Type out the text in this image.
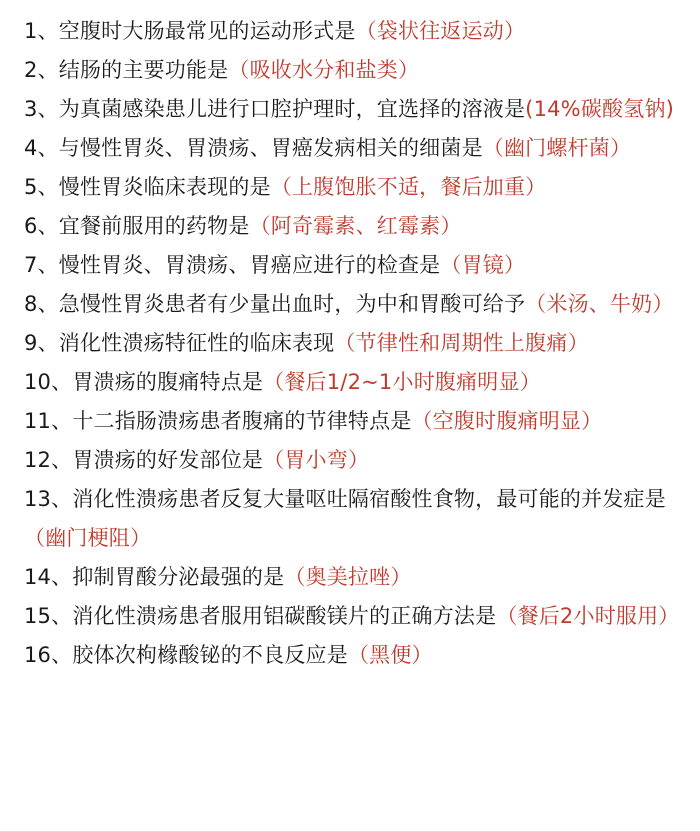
1、空腹时大肠最常见的运动形式是（袋状往返运动）

2、结肠的主要功能是（吸收水分和盐类）

3、为真菌感染患儿进行口腔护理时，宜选择的溶液是(14%碳酸氢钠)

4、与慢性胃炎、胃溃疡、胃癌发病相关的细菌是（幽门螺杆菌）

5、慢性胃炎临床表现的是（上腹饱胀不适，餐后加重）

6、宜餐前服用的药物是（阿奇霉素、红霉素）

7、慢性胃炎、胃溃疡、胃癌应进行的检查是（胃镜）

8、急慢性胃炎患者有少量出血时，为中和胃酸可给予（米汤、牛奶）

9、消化性溃疡特征性的临床表现（节律性和周期性上腹痛）

10、胃溃疡的腹痛特点是（餐后1/2~1小时腹痛明显）

11、十二指肠溃疡患者腹痛的节律特点是（空腹时腹痛明显）

12、胃溃疡的好发部位是（胃小弯）

13、消化性溃疡患者反复大量呕吐隔宿酸性食物，最可能的并发症是（幽门梗阻）

14、抑制胃酸分泌最强的是（奥美拉唑）

15、消化性溃疡患者服用铝碳酸镁片的正确方法是（餐后2小时服用）

16、胶体次枸橼酸铋的不良反应是（黑便）
